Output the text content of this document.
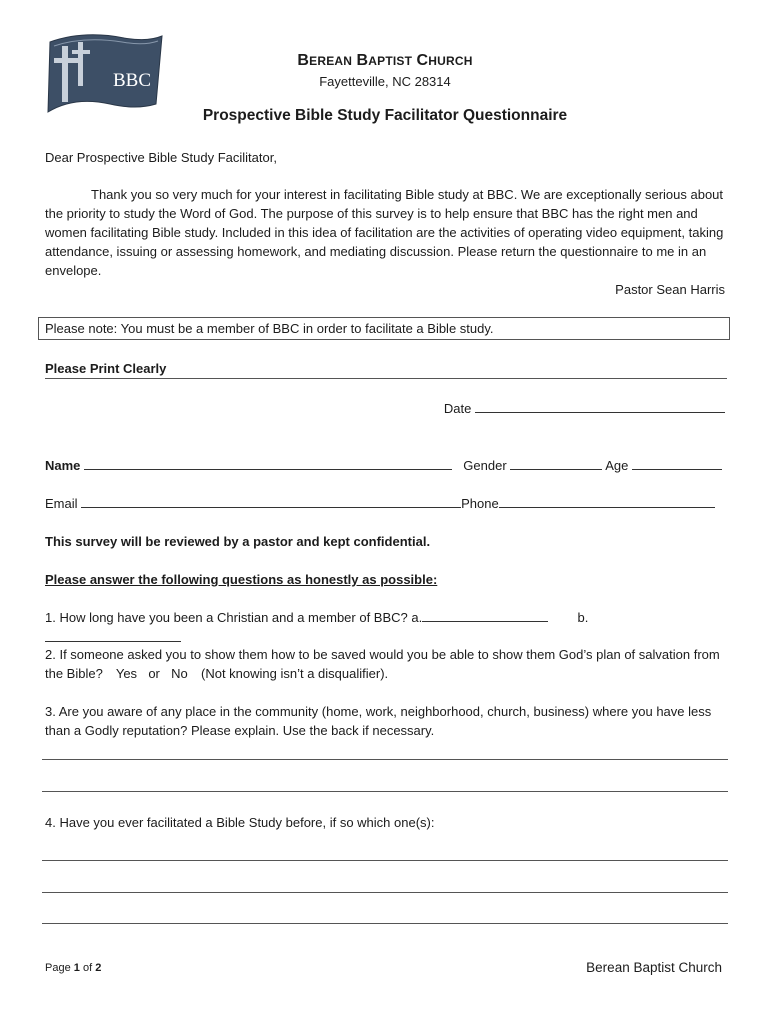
BBC
BEREAN BAPTIST CHURCH
Fayetteville, NC 28314
Prospective Bible Study Facilitator Questionnaire
Dear Prospective Bible Study Facilitator,
Thank you so very much for your interest in facilitating Bible study at BBC. We are exceptionally serious about the priority to study the Word of God. The purpose of this survey is to help ensure that BBC has the right men and women facilitating Bible study. Included in this idea of facilitation are the activities of operating video equipment, taking attendance, issuing or assessing homework, and mediating discussion. Please return the questionnaire to me in an envelope.
Pastor Sean Harris
Please note: You must be a member of BBC in order to facilitate a Bible study.
Please Print Clearly
Date
Name	Gender	Age
Email	Phone
This survey will be reviewed by a pastor and kept confidential.
Please answer the following questions as honestly as possible:
1. How long have you been a Christian and a member of BBC? a.	b.
2. If someone asked you to show them how to be saved would you be able to show them God’s plan of salvation from the Bible? Yes or No (Not knowing isn’t a disqualifier).
3. Are you aware of any place in the community (home, work, neighborhood, church, business) where you have less than a Godly reputation? Please explain. Use the back if necessary.
4. Have you ever facilitated a Bible Study before, if so which one(s):
Page 1 of 2	Berean Baptist Church
